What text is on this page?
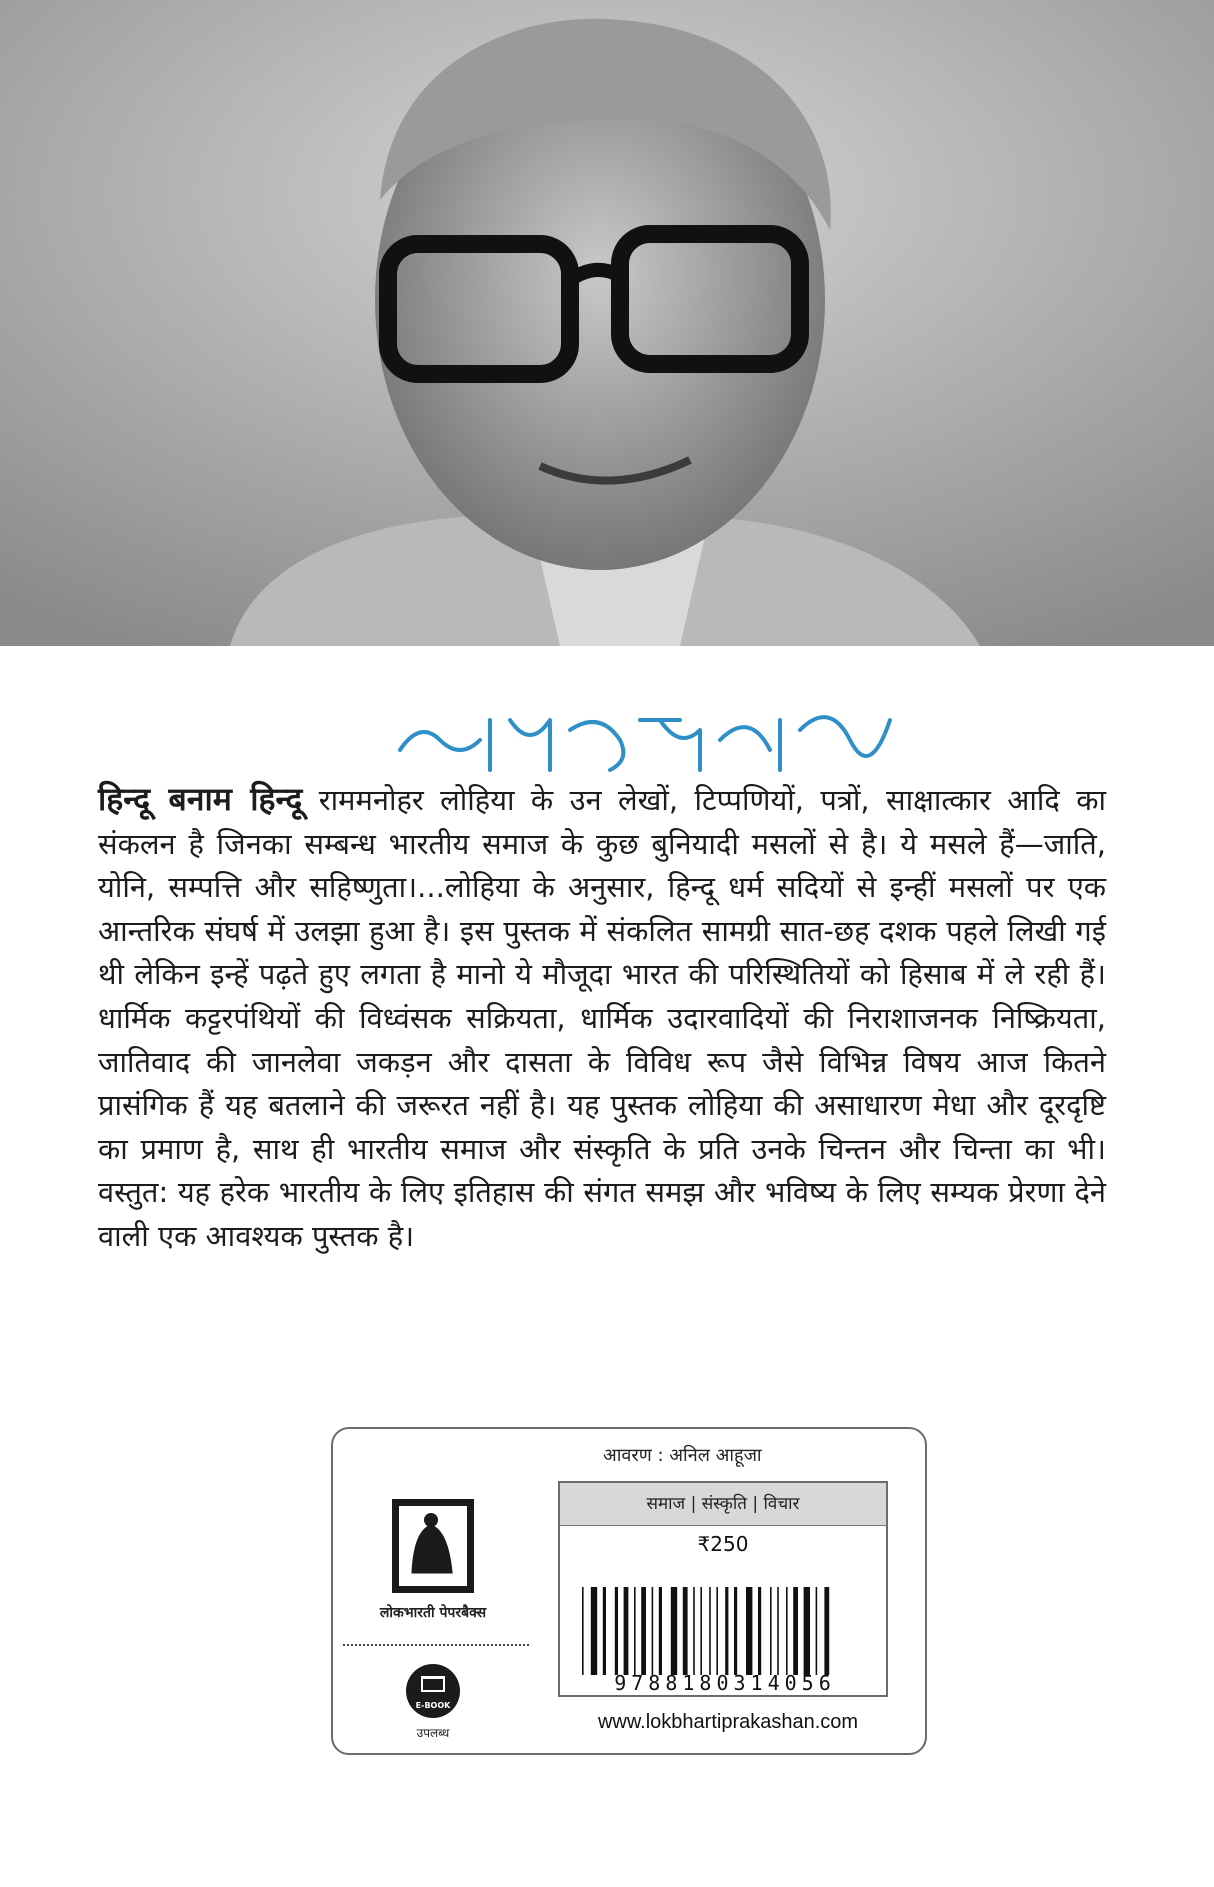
हिन्दू बनाम हिन्दू राममनोहर लोहिया के उन लेखों, टिप्पणियों, पत्रों, साक्षात्कार आदि का संकलन है जिनका सम्बन्ध भारतीय समाज के कुछ बुनियादी मसलों से है। ये मसले हैं—जाति, योनि, सम्पत्ति और सहिष्णुता।...लोहिया के अनुसार, हिन्दू धर्म सदियों से इन्हीं मसलों पर एक आन्तरिक संघर्ष में उलझा हुआ है। इस पुस्तक में संकलित सामग्री सात-छह दशक पहले लिखी गई थी लेकिन इन्हें पढ़ते हुए लगता है मानो ये मौजूदा भारत की परिस्थितियों को हिसाब में ले रही हैं। धार्मिक कट्टरपंथियों की विध्वंसक सक्रियता, धार्मिक उदारवादियों की निराशाजनक निष्क्रियता, जातिवाद की जानलेवा जकड़न और दासता के विविध रूप जैसे विभिन्न विषय आज कितने प्रासंगिक हैं यह बतलाने की जरूरत नहीं है। यह पुस्तक लोहिया की असाधारण मेधा और दूरदृष्टि का प्रमाण है, साथ ही भारतीय समाज और संस्कृति के प्रति उनके चिन्तन और चिन्ता का भी। वस्तुत: यह हरेक भारतीय के लिए इतिहास की संगत समझ और भविष्य के लिए सम्यक प्रेरणा देने वाली एक आवश्यक पुस्तक है।
लोकभारती पेपरबैक्स
E-BOOK
उपलब्ध
आवरण : अनिल आहूजा
समाज | संस्कृति | विचार
₹250
9788180314056
www.lokbhartiprakashan.com
